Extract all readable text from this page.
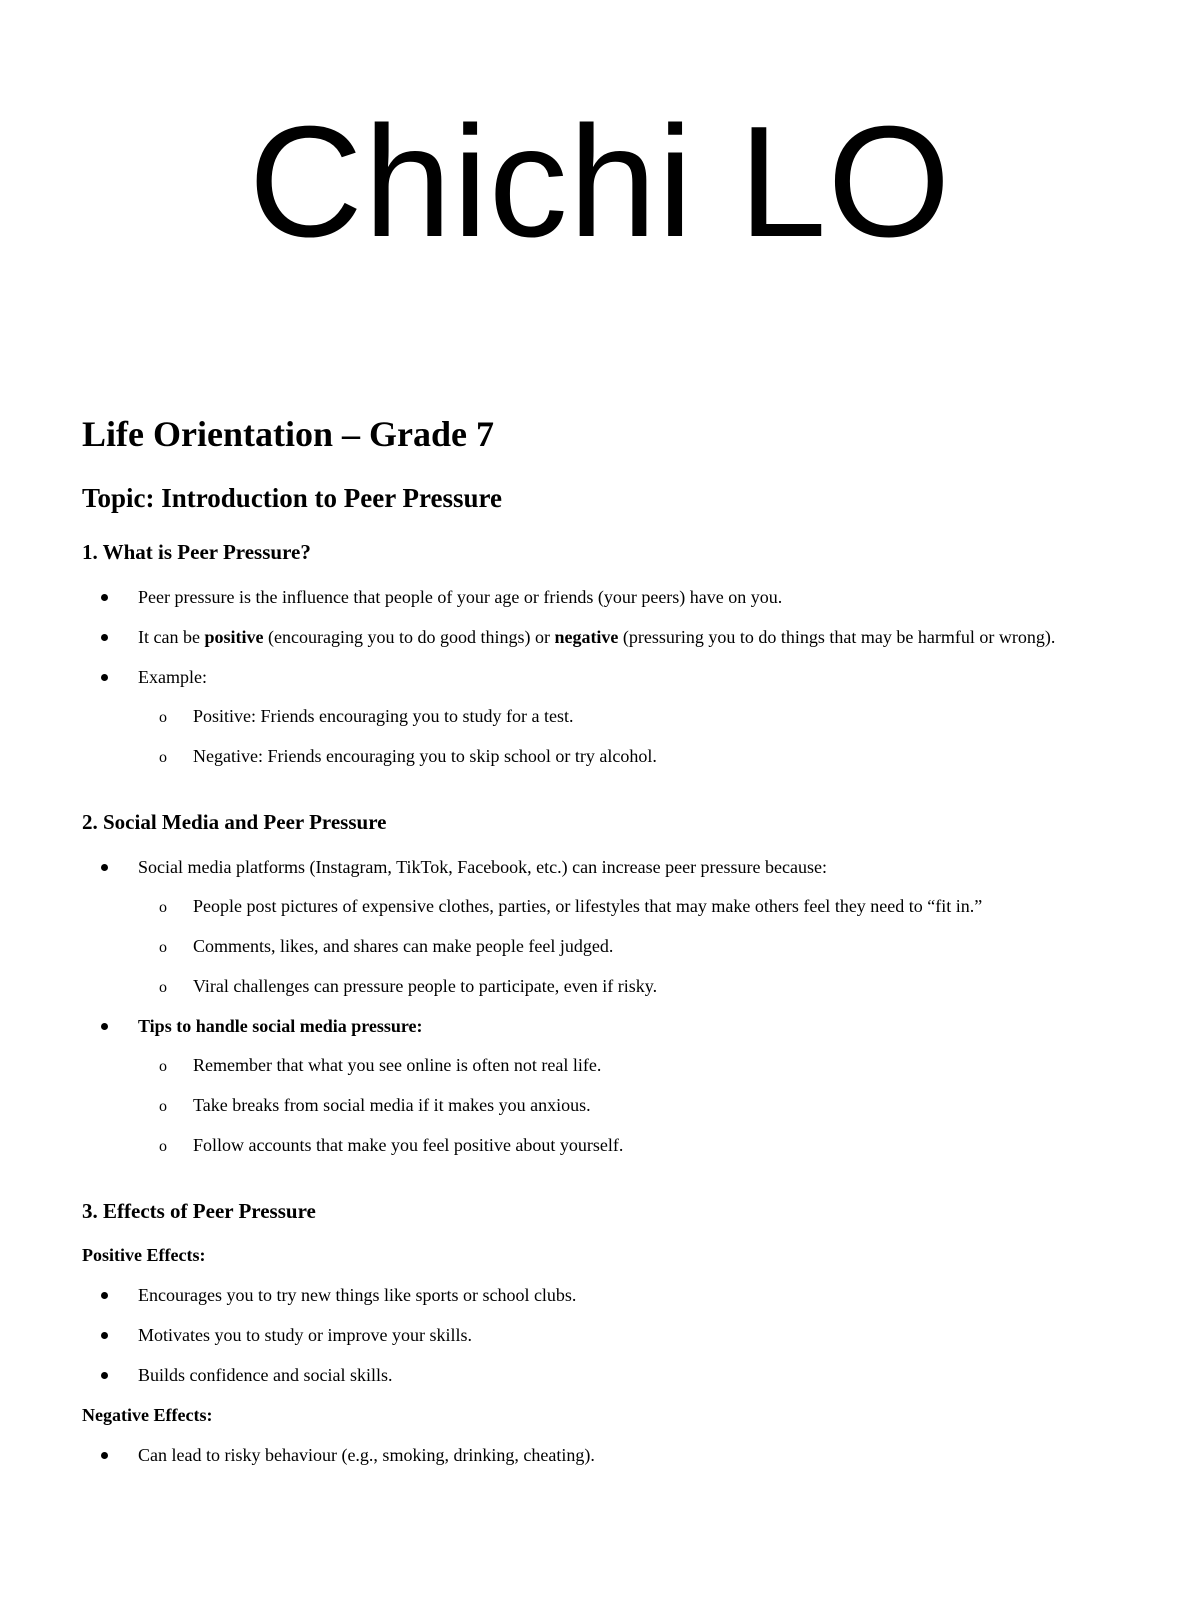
Chichi LO
Life Orientation – Grade 7
Topic: Introduction to Peer Pressure
1. What is Peer Pressure?
Peer pressure is the influence that people of your age or friends (your peers) have on you.
It can be positive (encouraging you to do good things) or negative (pressuring you to do things that may be harmful or wrong).
Example:
o Positive: Friends encouraging you to study for a test.
o Negative: Friends encouraging you to skip school or try alcohol.
2. Social Media and Peer Pressure
Social media platforms (Instagram, TikTok, Facebook, etc.) can increase peer pressure because:
o People post pictures of expensive clothes, parties, or lifestyles that may make others feel they need to “fit in.”
o Comments, likes, and shares can make people feel judged.
o Viral challenges can pressure people to participate, even if risky.
Tips to handle social media pressure:
o Remember that what you see online is often not real life.
o Take breaks from social media if it makes you anxious.
o Follow accounts that make you feel positive about yourself.
3. Effects of Peer Pressure
Positive Effects:
Encourages you to try new things like sports or school clubs.
Motivates you to study or improve your skills.
Builds confidence and social skills.
Negative Effects:
Can lead to risky behaviour (e.g., smoking, drinking, cheating).
